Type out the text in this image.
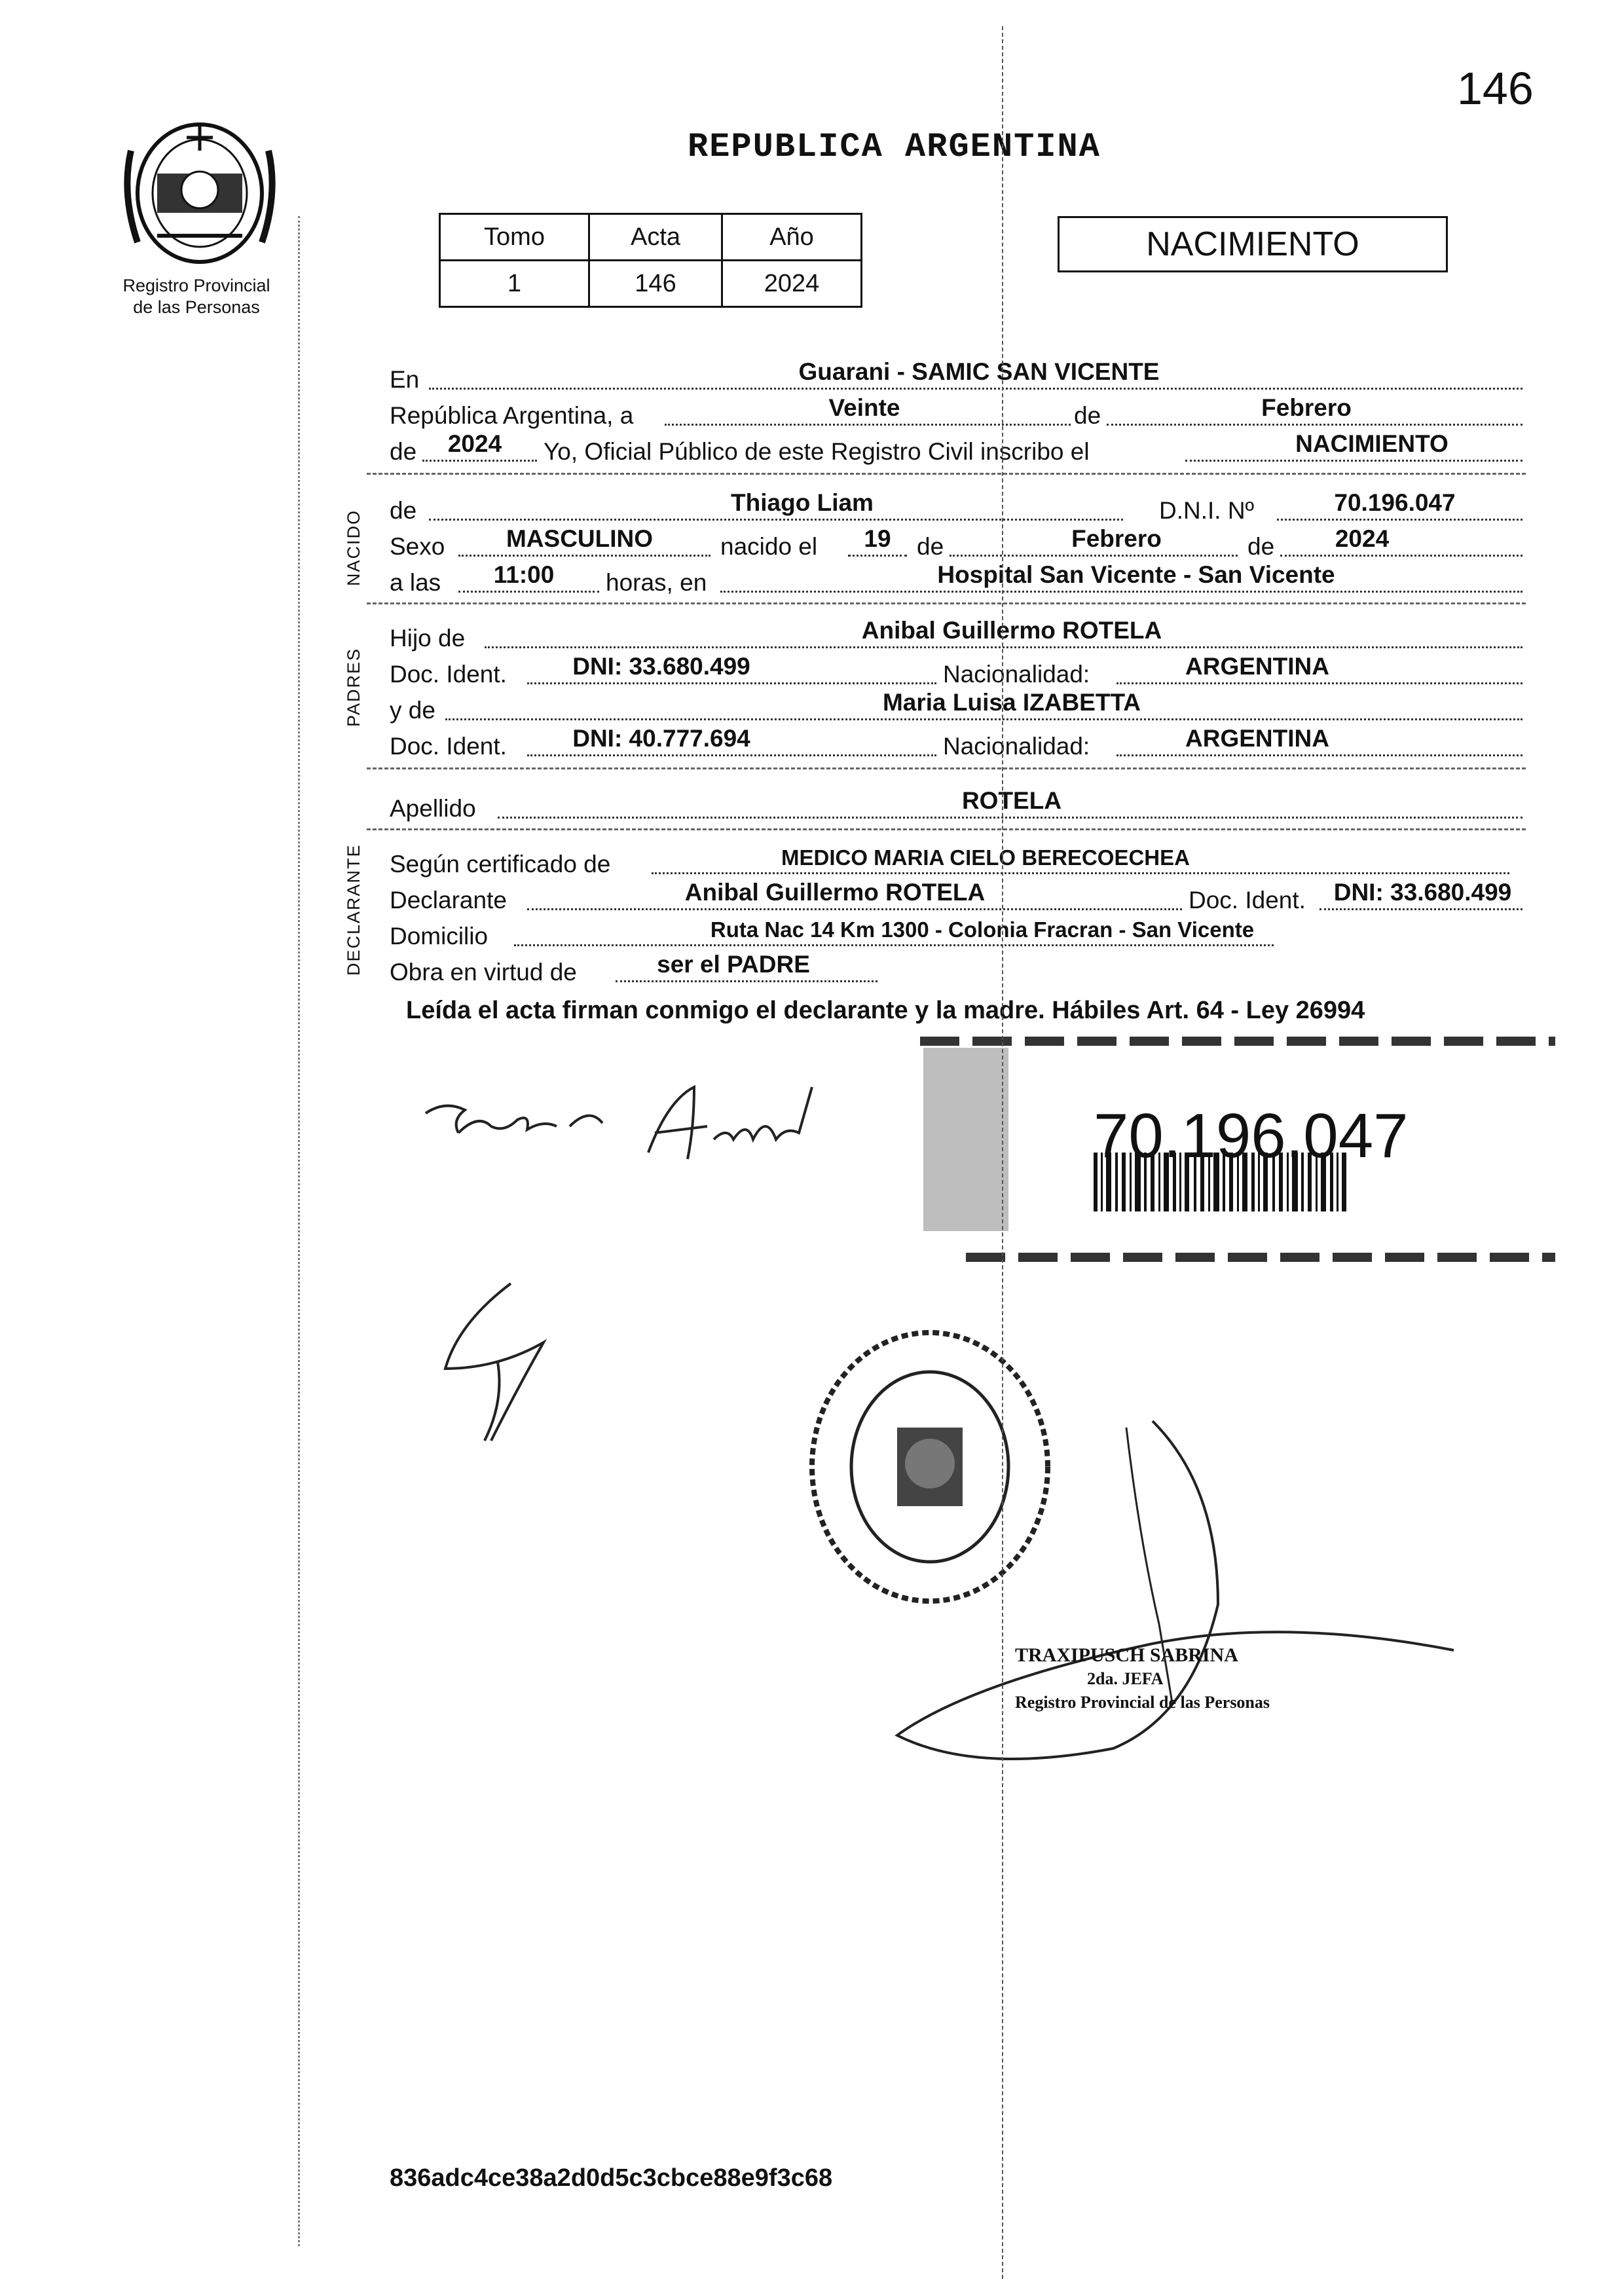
146
Registro Provincial
de las Personas
REPUBLICA ARGENTINA
Tomo	Acta	Año
1	146	2024
NACIMIENTO
En	Guarani - SAMIC SAN VICENTE
República Argentina, a	Veinte	de	Febrero
de	2024	Yo, Oficial Público de este Registro Civil inscribo el	NACIMIENTO
NACIDO de	Thiago Liam	D.N.I. Nº	70.196.047
Sexo	MASCULINO	nacido el	19	de	Febrero	de	2024
a las	11:00	horas, en	Hospital San Vicente - San Vicente
PADRES
Hijo de	Anibal Guillermo ROTELA
Doc. Ident.	DNI: 33.680.499	Nacionalidad:	ARGENTINA
y de	Maria Luisa IZABETTA
Doc. Ident.	DNI: 40.777.694	Nacionalidad:	ARGENTINA
Apellido	ROTELA
DECLARANTE Según certificado de	MEDICO MARIA CIELO BERECOECHEA
Declarante	Anibal Guillermo ROTELA	Doc. Ident.	DNI: 33.680.499
Domicilio	Ruta Nac 14 Km 1300 - Colonia Fracran - San Vicente
Obra en virtud de	ser el PADRE
Leída el acta firman conmigo el declarante y la madre. Hábiles Art. 64 - Ley 26994
70.196.047
TRAXIPUSCH SABRINA
2da. JEFA
Registro Provincial de las Personas
836adc4ce38a2d0d5c3cbce88e9f3c68
